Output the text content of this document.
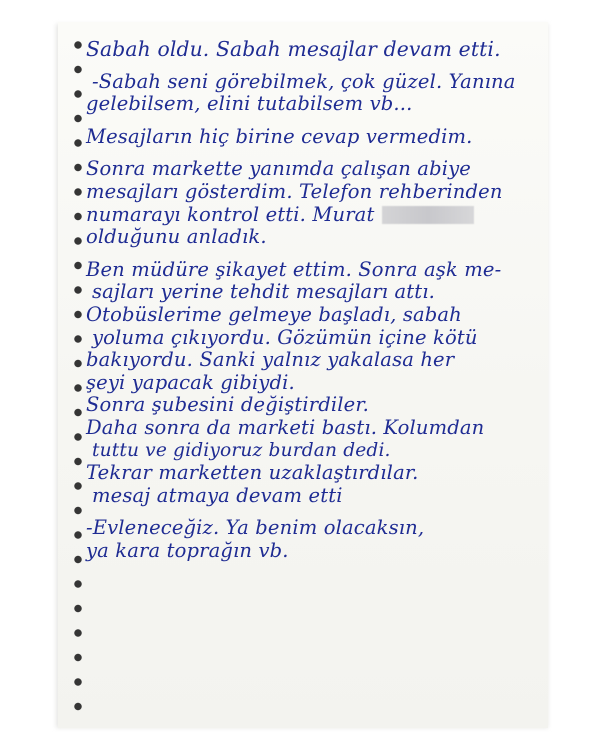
Sabah oldu. Sabah mesajlar devam etti.
-Sabah seni görebilmek, çok güzel. Yanına
gelebilsem, elini tutabilsem vb...
Mesajların hiç birine cevap vermedim.
Sonra markette yanımda çalışan abiye
mesajları gösterdim. Telefon rehberinden
numarayı kontrol etti. Murat
olduğunu anladık.
Ben müdüre şikayet ettim. Sonra aşk me-
sajları yerine tehdit mesajları attı.
Otobüslerime gelmeye başladı, sabah
yoluma çıkıyordu. Gözümün içine kötü
bakıyordu. Sanki yalnız yakalasa her
şeyi yapacak gibiydi.
Sonra şubesini değiştirdiler.
Daha sonra da marketi bastı. Kolumdan
tuttu ve gidiyoruz burdan dedi.
Tekrar marketten uzaklaştırdılar.
mesaj atmaya devam etti
-Evleneceğiz. Ya benim olacaksın,
ya kara toprağın vb.
